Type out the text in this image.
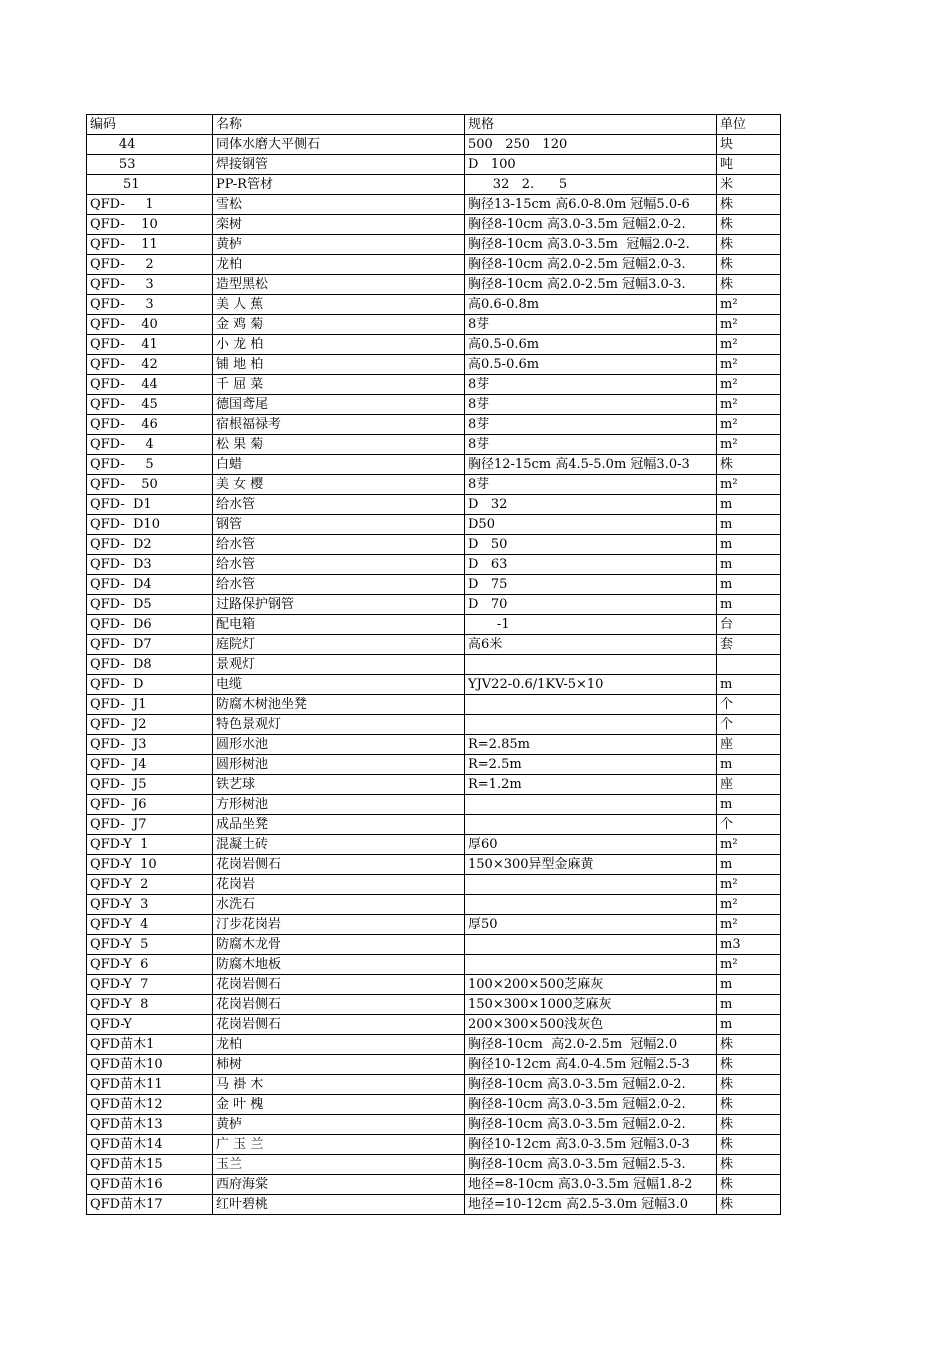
编码	名称	规格	单位
44	同体水磨大平侧石	500   250   120	块
53	焊接钢管	D   100	吨
51	PP-R管材	32   2.      5	米
QFD-     1	雪松	胸径13-15cm 高6.0-8.0m 冠幅5.0-6	株
QFD-    10	栾树	胸径8-10cm 高3.0-3.5m 冠幅2.0-2.	株
QFD-    11	黄栌	胸径8-10cm 高3.0-3.5m  冠幅2.0-2.	株
QFD-     2	龙柏	胸径8-10cm 高2.0-2.5m 冠幅2.0-3.	株
QFD-     3	造型黑松	胸径8-10cm 高2.0-2.5m 冠幅3.0-3.	株
QFD-     3	美 人 蕉	高0.6-0.8m	m²
QFD-    40	金 鸡 菊	8芽	m²
QFD-    41	小 龙 柏	高0.5-0.6m	m²
QFD-    42	铺 地 柏	高0.5-0.6m	m²
QFD-    44	千 屈 菜	8芽	m²
QFD-    45	德国鸢尾	8芽	m²
QFD-    46	宿根福禄考	8芽	m²
QFD-     4	松 果 菊	8芽	m²
QFD-     5	白蜡	胸径12-15cm 高4.5-5.0m 冠幅3.0-3	株
QFD-    50	美 女 樱	8芽	m²
QFD-  D1	给水管	D   32	m
QFD-  D10	钢管	D50	m
QFD-  D2	给水管	D   50	m
QFD-  D3	给水管	D   63	m
QFD-  D4	给水管	D   75	m
QFD-  D5	过路保护钢管	D   70	m
QFD-  D6	配电箱	-1	台
QFD-  D7	庭院灯	高6米	套
QFD-  D8	景观灯		
QFD-  D	电缆	YJV22-0.6/1KV-5×10	m
QFD-  J1	防腐木树池坐凳		个
QFD-  J2	特色景观灯		个
QFD-  J3	圆形水池	R=2.85m	座
QFD-  J4	圆形树池	R=2.5m	m
QFD-  J5	铁艺球	R=1.2m	座
QFD-  J6	方形树池		m
QFD-  J7	成品坐凳		个
QFD-Y  1	混凝土砖	厚60	m²
QFD-Y  10	花岗岩侧石	150×300异型金麻黄	m
QFD-Y  2	花岗岩		m²
QFD-Y  3	水洗石		m²
QFD-Y  4	汀步花岗岩	厚50	m²
QFD-Y  5	防腐木龙骨		m3
QFD-Y  6	防腐木地板		m²
QFD-Y  7	花岗岩侧石	100×200×500芝麻灰	m
QFD-Y  8	花岗岩侧石	150×300×1000芝麻灰	m
QFD-Y	花岗岩侧石	200×300×500浅灰色	m
QFD苗木1	龙柏	胸径8-10cm  高2.0-2.5m  冠幅2.0	株
QFD苗木10	柿树	胸径10-12cm 高4.0-4.5m 冠幅2.5-3	株
QFD苗木11	马 褂 木	胸径8-10cm 高3.0-3.5m 冠幅2.0-2.	株
QFD苗木12	金 叶 槐	胸径8-10cm 高3.0-3.5m 冠幅2.0-2.	株
QFD苗木13	黄栌	胸径8-10cm 高3.0-3.5m 冠幅2.0-2.	株
QFD苗木14	广 玉 兰	胸径10-12cm 高3.0-3.5m 冠幅3.0-3	株
QFD苗木15	玉兰	胸径8-10cm 高3.0-3.5m 冠幅2.5-3.	株
QFD苗木16	西府海棠	地径=8-10cm 高3.0-3.5m 冠幅1.8-2	株
QFD苗木17	红叶碧桃	地径=10-12cm 高2.5-3.0m 冠幅3.0	株
